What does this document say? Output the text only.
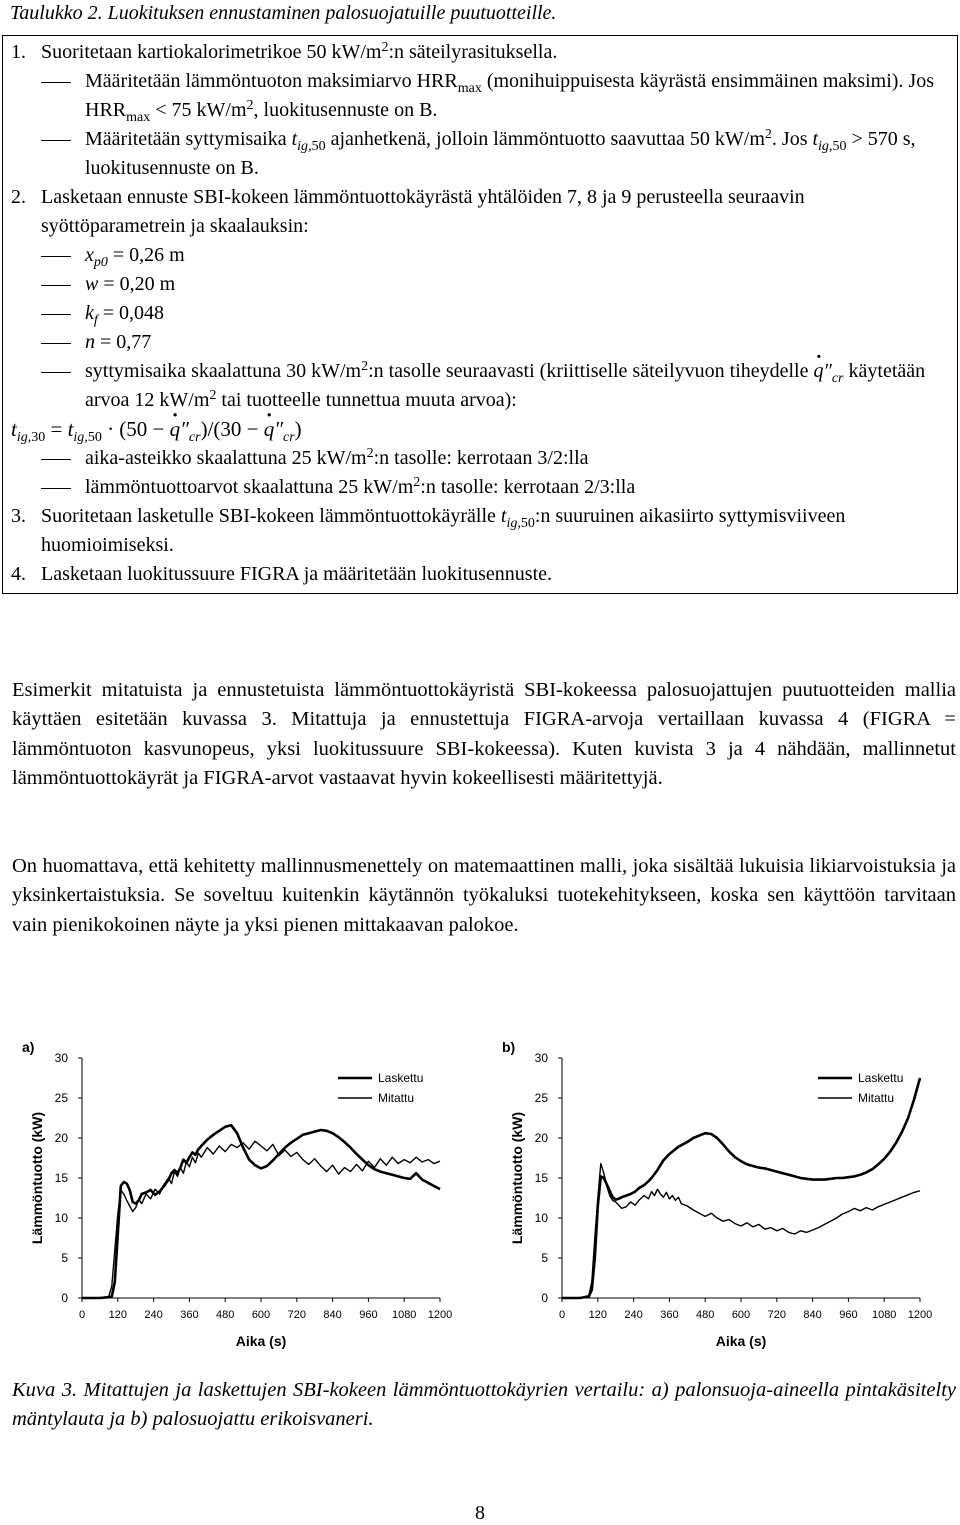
Taulukko 2. Luokituksen ennustaminen palosuojatuille puutuotteille.
1. Suoritetaan kartiokalorimetrikoe 50 $kW/m^2:n$ säteilyrasituksella.
Määritetään lämmöntuoton maksimiarvo $HRR_{max}$ (monihuippuisesta käyrästä ensimmäinen maksimi). Jos $HRR_{max} < 75$ $kW/m^2$, luokitusennuste on B.
Määritetään syttymisaika $t_{ig,50}$ ajanhetkenä, jolloin lämmöntuotto saavuttaa 50 $kW/m^2$. Jos $t_{ig,50} > 570$ s, luokitusennuste on B.
2. Lasketaan ennuste SBI-kokeen lämmöntuottokäyrästä yhtälöiden 7, 8 ja 9 perusteella seuraavin syöttöparametrein ja skaalauksin:
$x_{p0} = 0,26$ m
w = 0,20 m
$k_f = 0,048$
n = 0,77
syttymisaika skaalattuna 30 $kW/m^2:n$ tasolle seuraavasti (kriittiselle säteilyvuon tiheydelle · $q''_{cr}$ käytetään arvoa 12 $kW/m^2$ tai tuotteelle tunnettua muuta arvoa):
$t_{ig,30} = t_{ig,50} \cdot (50$ − · $q''_{cr})/(30$ − · $q''_{cr}$)
aika-asteikko skaalattuna 25 $kW/m^2:n$ tasolle: kerrotaan 3/2:lla
lämmöntuottoarvot skaalattuna 25 $kW/m^2:n$ tasolle: kerrotaan 2/3:lla
3. Suoritetaan lasketulle SBI-kokeen lämmöntuottokäyrälle $t_{ig,50}:n$ suuruinen aikasiirto syttymisviiveen huomioimiseksi.
4. Lasketaan luokitussuure FIGRA ja määritetään luokitusennuste.

Esimerkit mitatuista ja ennustetuista lämmöntuottokäyristä SBI-kokeessa palosuojattujen puutuotteiden mallia käyttäen esitetään kuvassa 3. Mitattuja ja ennustettuja FIGRA-arvoja vertaillaan kuvassa 4 (FIGRA = lämmöntuoton kasvunopeus, yksi luokitussuure SBI-kokeessa). Kuten kuvista 3 ja 4 nähdään, mallinnetut lämmöntuottokäyrät ja FIGRA-arvot vastaavat hyvin kokeellisesti määritettyjä.

On huomattava, että kehitetty mallinnusmenettely on matemaattinen malli, joka sisältää lukuisia likiarvoistuksia ja yksinkertaistuksia. Se soveltuu kuitenkin käytännön työkaluksi tuotekehitykseen, koska sen käyttöön tarvitaan vain pienikokoinen näyte ja yksi pienen mittakaavan palokoe.

a)
0
5
10
15
20
25
30
0 120 240 360 480 600 720 840 960 1080 1200
Aika (s)
Lämmöntuotto (kW)
Laskettu
Mitattu
b)
0
5
10
15
20
25
30
0 120 240 360 480 600 720 840 960 1080 1200
Aika (s)
Lämmöntuotto (kW)
Laskettu
Mitattu
Kuva 3. Mitattujen ja laskettujen SBI-kokeen lämmöntuottokäyrien vertailu: a) palonsuoja-aineella pintakäsitelty mäntylauta ja b) palosuojattu erikoisvaneri.
8
